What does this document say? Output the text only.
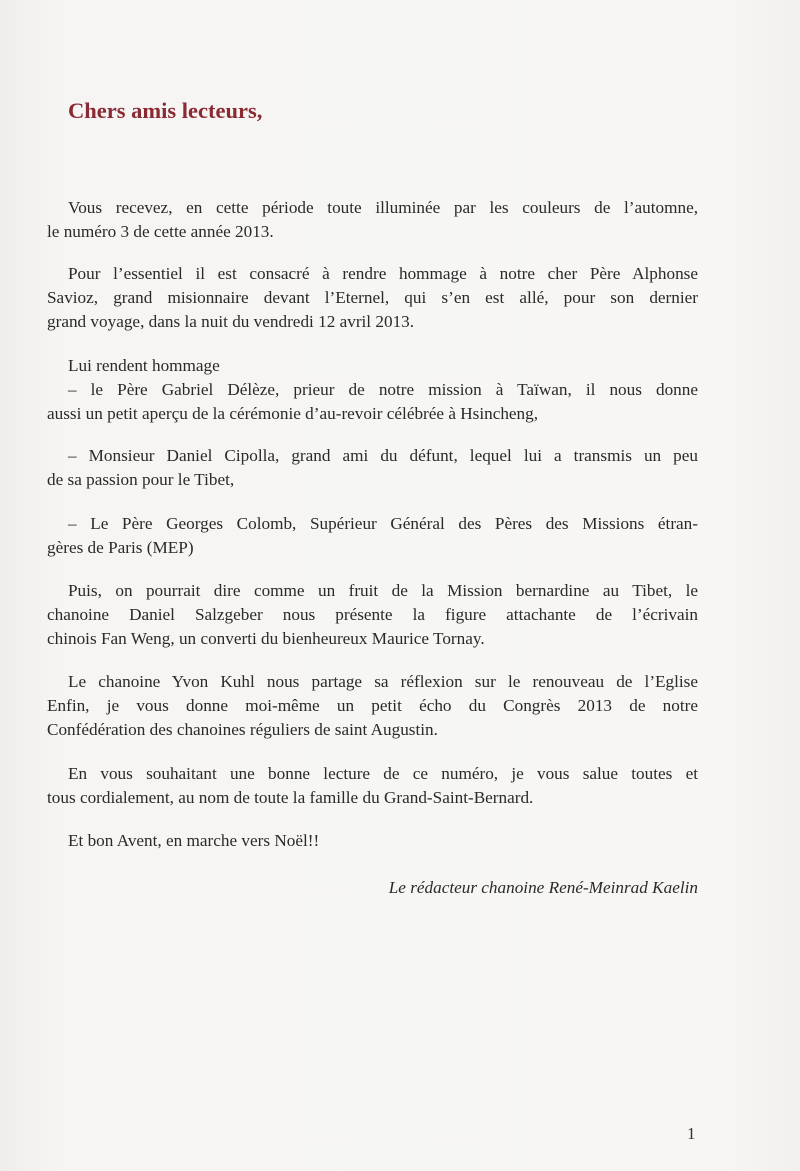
Chers amis lecteurs,

Vous recevez, en cette période toute illuminée par les couleurs de l’automne,
le numéro 3 de cette année 2013.

Pour l’essentiel il est consacré à rendre hommage à notre cher Père Alphonse
Savioz, grand misionnaire devant l’Eternel, qui s’en est allé, pour son dernier
grand voyage, dans la nuit du vendredi 12 avril 2013.

Lui rendent hommage
– le Père Gabriel Délèze, prieur de notre mission à Taïwan, il nous donne
aussi un petit aperçu de la cérémonie d’au-revoir célébrée à Hsincheng,

– Monsieur Daniel Cipolla, grand ami du défunt, lequel lui a transmis un peu
de sa passion pour le Tibet,

– Le Père Georges Colomb, Supérieur Général des Pères des Missions étran-
gères de Paris (MEP)

Puis, on pourrait dire comme un fruit de la Mission bernardine au Tibet, le
chanoine Daniel Salzgeber nous présente la figure attachante de l’écrivain
chinois Fan Weng, un converti du bienheureux Maurice Tornay.

Le chanoine Yvon Kuhl nous partage sa réflexion sur le renouveau de l’Eglise
Enfin, je vous donne moi-même un petit écho du Congrès 2013 de notre
Confédération des chanoines réguliers de saint Augustin.

En vous souhaitant une bonne lecture de ce numéro, je vous salue toutes et
tous cordialement, au nom de toute la famille du Grand-Saint-Bernard.

Et bon Avent, en marche vers Noël!!

Le rédacteur chanoine René-Meinrad Kaelin

1
